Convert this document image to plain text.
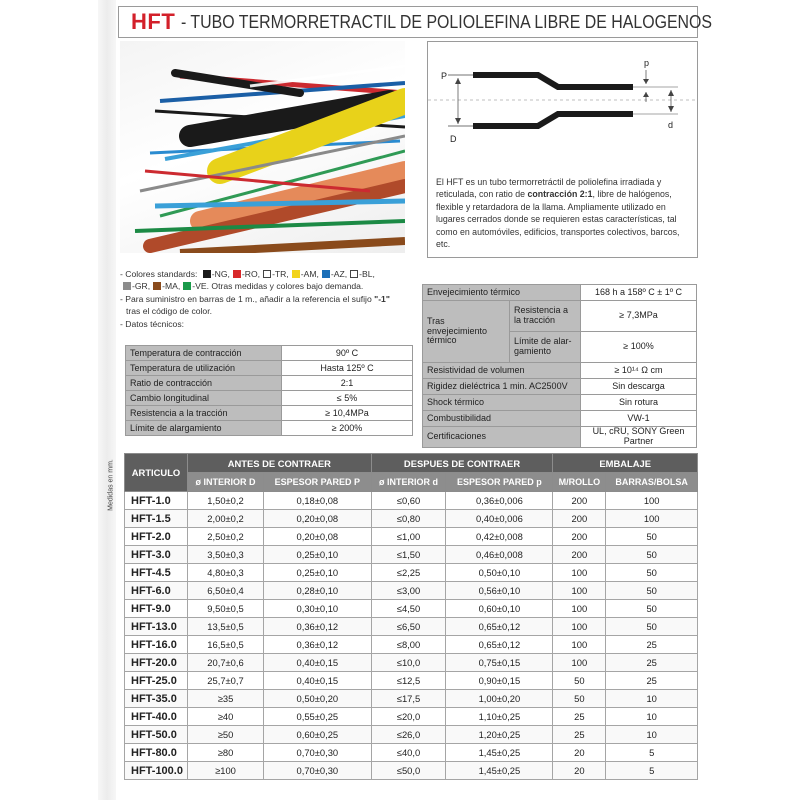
HFT - TUBO TERMORRETRACTIL DE POLIOLEFINA LIBRE DE HALOGENOS
P
D
p
d
El HFT es un tubo termorretráctil de poliolefina irradiada y reticulada, con ratio de contracción 2:1, libre de halógenos, flexible y retardadora de la llama. Ampliamente utilizado en lugares cerrados donde se requieren estas características, tal como en automóviles, edificios, transportes colectivos, barcos, etc.
- Colores standards: -NG, -RO, -TR, -AM, -AZ, -BL,
-GR, -MA, -VE. Otras medidas y colores bajo demanda.
- Para suministro en barras de 1 m., añadir a la referencia el sufijo "-1"
tras el código de color.
- Datos técnicos:
Temperatura de contracción	90º C
Temperatura de utilización	Hasta 125º C
Ratio de contracción	2:1
Cambio longitudinal	≤ 5%
Resistencia a la tracción	≥ 10,4MPa
Límite de alargamiento	≥ 200%
Envejecimiento térmico		168 h a 158º C ± 1º C
Tras envejecimiento térmico	Resistencia a la tracción	≥ 7,3MPa
	Límite de alar-gamiento	≥ 100%
Resistividad de volumen		≥ 10¹⁴ Ω cm
Rigidez dieléctrica 1 min. AC2500V		Sin descarga
Shock térmico		Sin rotura
Combustibilidad		VW-1
Certificaciones		UL, cRU, SONY Green Partner
Medidas en mm. ARTICULO	ANTES DE CONTRAER		DESPUES DE CONTRAER		EMBALAJE	
	ø INTERIOR D	ESPESOR PARED P	ø INTERIOR d	ESPESOR PARED p	M/ROLLO	BARRAS/BOLSA
HFT-1.0	1,50±0,2	0,18±0,08	≤0,60	0,36±0,006	200	100
HFT-1.5	2,00±0,2	0,20±0,08	≤0,80	0,40±0,006	200	100
HFT-2.0	2,50±0,2	0,20±0,08	≤1,00	0,42±0,008	200	50
HFT-3.0	3,50±0,3	0,25±0,10	≤1,50	0,46±0,008	200	50
HFT-4.5	4,80±0,3	0,25±0,10	≤2,25	0,50±0,10	100	50
HFT-6.0	6,50±0,4	0,28±0,10	≤3,00	0,56±0,10	100	50
HFT-9.0	9,50±0,5	0,30±0,10	≤4,50	0,60±0,10	100	50
HFT-13.0	13,5±0,5	0,36±0,12	≤6,50	0,65±0,12	100	50
HFT-16.0	16,5±0,5	0,36±0,12	≤8,00	0,65±0,12	100	25
HFT-20.0	20,7±0,6	0,40±0,15	≤10,0	0,75±0,15	100	25
HFT-25.0	25,7±0,7	0,40±0,15	≤12,5	0,90±0,15	50	25
HFT-35.0	≥35	0,50±0,20	≤17,5	1,00±0,20	50	10
HFT-40.0	≥40	0,55±0,25	≤20,0	1,10±0,25	25	10
HFT-50.0	≥50	0,60±0,25	≤26,0	1,20±0,25	25	10
HFT-80.0	≥80	0,70±0,30	≤40,0	1,45±0,25	20	5
HFT-100.0	≥100	0,70±0,30	≤50,0	1,45±0,25	20	5
